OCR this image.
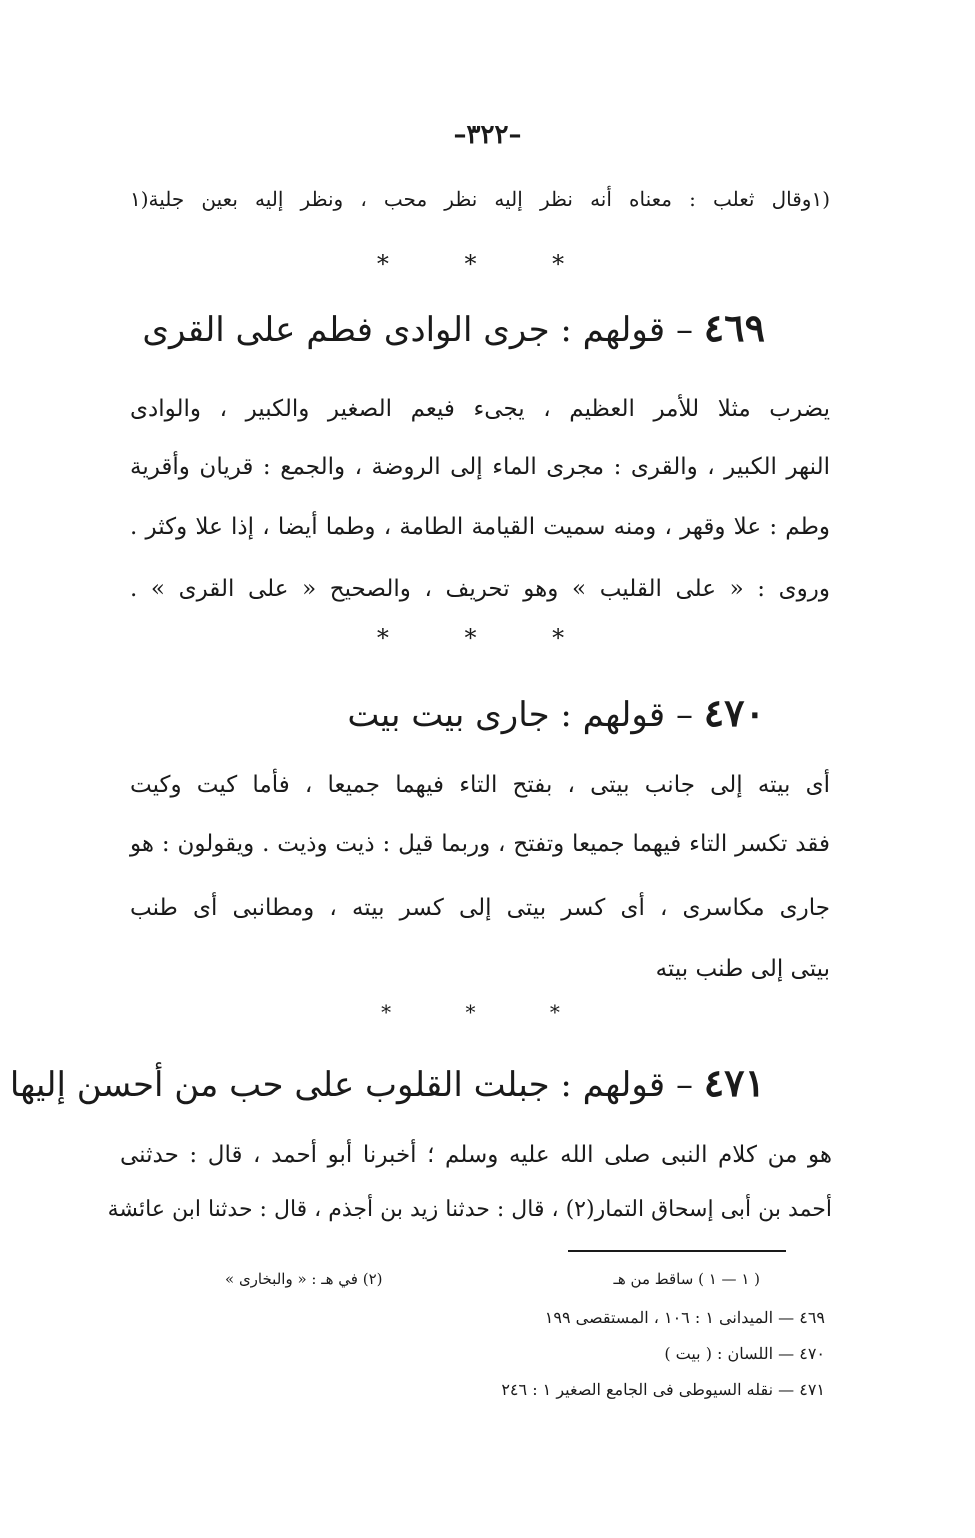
–٣٢٢–
(١وقال ثعلب : معناه أنه نظر إليه نظر محب ، ونظر إليه بعين جلية(١
* * *
٤٦٩ – قولهم : جرى الوادى فطم على القرى
يضرب مثلا للأمر العظيم ، يجىء فيعم الصغير والكبير ، والوادى
النهر الكبير ، والقرى : مجرى الماء إلى الروضة ، والجمع : قريان وأقرية
وطم : علا وقهر ، ومنه سميت القيامة الطامة ، وطما أيضا ، إذا علا وكثر .
وروى : « على القليب » وهو تحريف ، والصحيح « على القرى » .
* * *
٤٧٠ – قولهم : جارى بيت بيت
أى بيته إلى جانب بيتى ، بفتح التاء فيهما جميعا ، فأما كيت وكيت
فقد تكسر التاء فيهما جميعا وتفتح ، وربما قيل : ذيت وذيت . ويقولون : هو
جارى مكاسرى ، أى كسر بيتى إلى كسر بيته ، ومطانبى أى طنب
بيتى إلى طنب بيته
* * *
٤٧١ – قولهم : جبلت القلوب على حب من أحسن إليها
هو من كلام النبى صلى الله عليه وسلم ؛ أخبرنا أبو أحمد ، قال : حدثنى
أحمد بن أبى إسحاق التمار(٢) ، قال : حدثنا زيد بن أجذم ، قال : حدثنا ابن عائشة
( ١ — ١ ) ساقط من هـ
(٢) في هـ : « والبخارى »
٤٦٩ — الميدانى ١ : ١٠٦ ، المستقصى ١٩٩
٤٧٠ — اللسان : ( بيت )
٤٧١ — نقله السيوطى فى الجامع الصغير ١ : ٢٤٦
